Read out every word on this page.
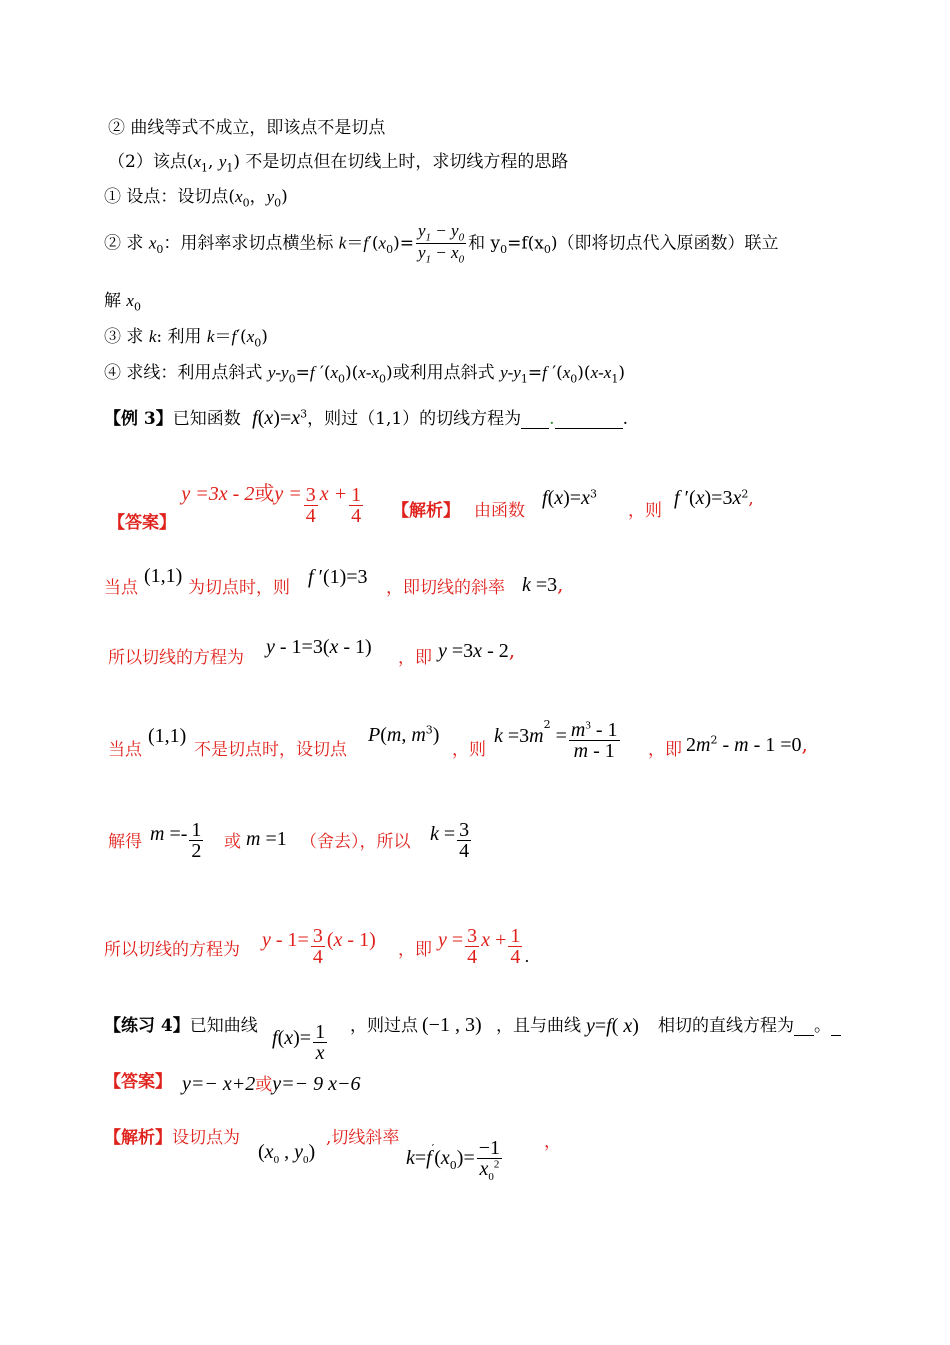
② 曲线等式不成立，即该点不是切点
（2）该点($x_1$, $y_1$) 不是切点但在切线上时，求切线方程的思路
① 设点：设切点($x_0$，$y_0$)
② 求 $x_0$：用斜率求切点横坐标 $k=f'(x_0)= \frac{y_1 - y_0}{y_1 - x_0}$ 和 $y_0=f(x_0)$（即将切点代入原函数）联立
解 $x_0$
③ 求 k: 利用 $k=f'(x_0)$
④ 求线：利用点斜式 $y-y_0=f$ $'(x_0)(x-x_0)$或利用点斜式 $y-y_1=f$ $'(x_0)(x-x_1)$
【例 3】已知函数 $f(x)=x^3$，则过（1,1）的切线方程为 .	.
【答案】 y =3x - 2或$y = \frac{3}{4}$ $x + \frac{1}{4}$ 【解析】 由函数
$f(x)=x^3$
，则
f $'(x)=3x^2$,
当点
(1,1)
为切点时，则 f ′(1)=3 ，即切线的斜率 k =3,
所以切线的方程为 y - 1=3(x - 1) ，即 y =3x - 2,
当点
(1,1)
不是切点时，设切点
P(m, $m^3$)
，则
$k =3m^2 = \frac{m^3 - 1}{m - 1}$ ，即 $2m^2 - m - 1 =0$,
解得 $m =- \frac{1}{2}$ 或 m =1 （舍去），所以 $k = \frac{3}{4}$
所以切线的方程为 $y - 1= \frac{3}{4} (x - 1)$ ，即 $y = \frac{3}{4}$ $x + \frac{1}{4} _.$
【练习 4】已知曲线
$f(x)= \frac{1}{x}$ ，则过点 (−1 , 3) ，且与曲线 y=f( x) 相切的直线方程为 。
【答案】 y=− x+2或y=− 9 x−6
【解析】设切点为
($x_0$ , $y_0$)
,切线斜率
$k=f'(x_0)= \frac{-1}{x_0^2}$ ，
